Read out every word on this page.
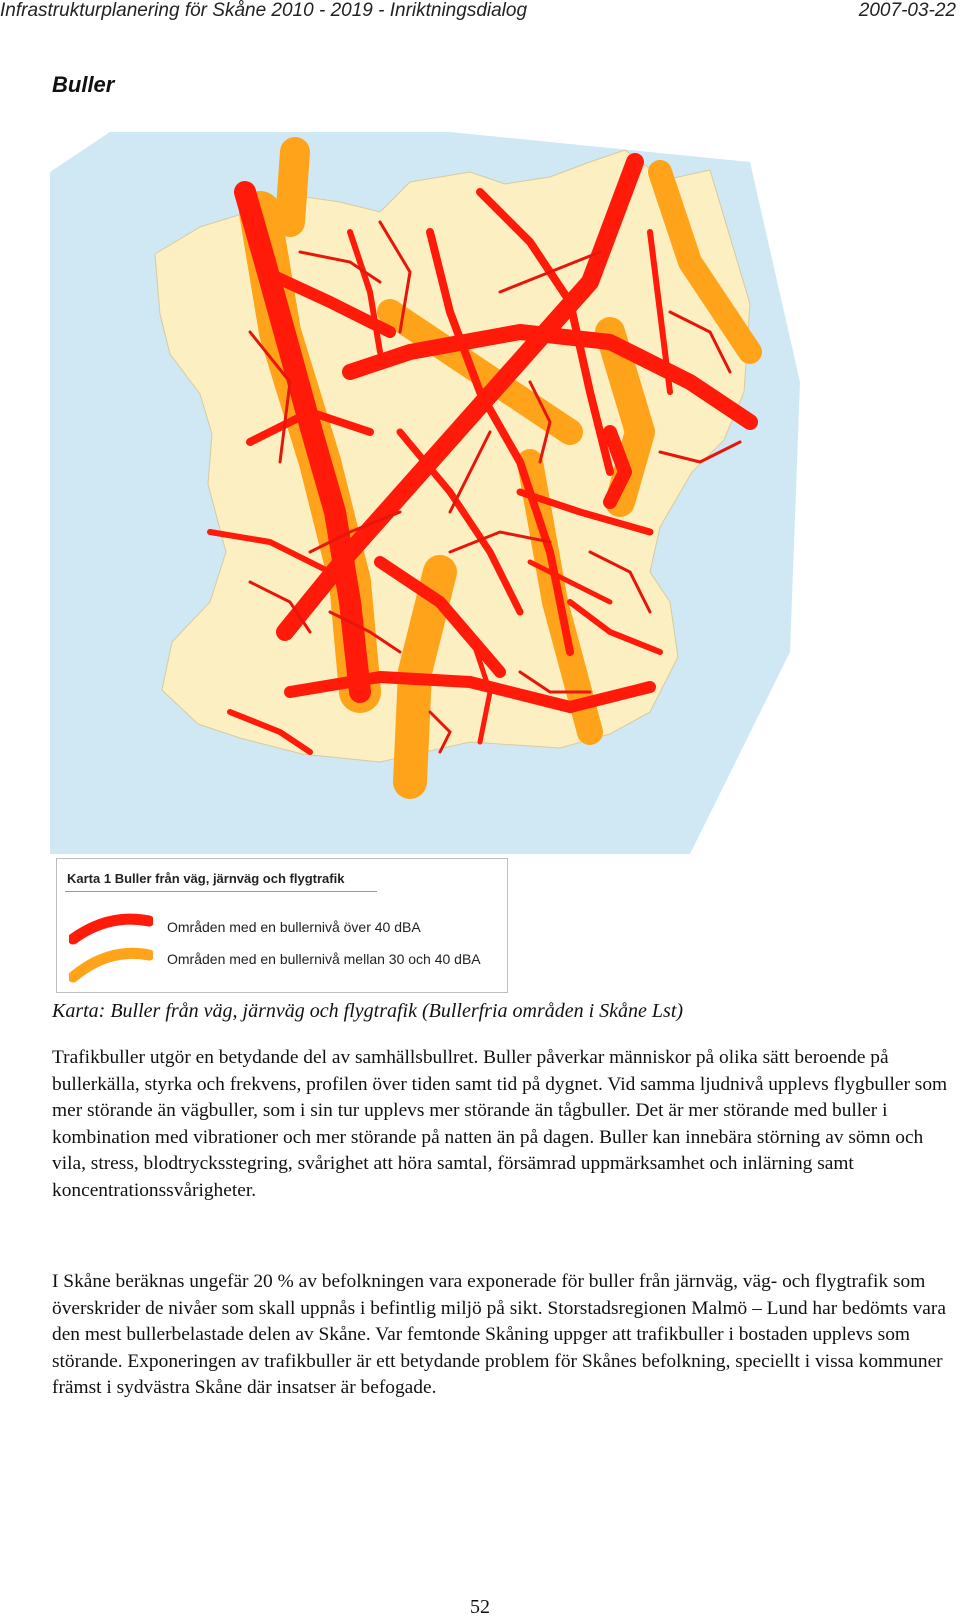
Infrastrukturplanering för Skåne 2010 - 2019 - Inriktningsdialog	2007-03-22
Buller
Karta 1 Buller från väg, järnväg och flygtrafik
Områden med en bullernivå över 40 dBA
Områden med en bullernivå mellan 30 och 40 dBA
Karta: Buller från väg, järnväg och flygtrafik (Bullerfria områden i Skåne Lst)

Trafikbuller utgör en betydande del av samhällsbullret. Buller påverkar människor på olika sätt beroende på bullerkälla, styrka och frekvens, profilen över tiden samt tid på dygnet. Vid samma ljudnivå upplevs flygbuller som mer störande än vägbuller, som i sin tur upplevs mer störande än tågbuller. Det är mer störande med buller i kombination med vibrationer och mer störande på natten än på dagen. Buller kan innebära störning av sömn och vila, stress, blodtrycksstegring, svårighet att höra samtal, försämrad uppmärksamhet och inlärning samt koncentrationssvårigheter.

I Skåne beräknas ungefär 20 % av befolkningen vara exponerade för buller från järnväg, väg- och flygtrafik som överskrider de nivåer som skall uppnås i befintlig miljö på sikt. Storstadsregionen Malmö – Lund har bedömts vara den mest bullerbelastade delen av Skåne. Var femtonde Skåning uppger att trafikbuller i bostaden upplevs som störande. Exponeringen av trafikbuller är ett betydande problem för Skånes befolkning, speciellt i vissa kommuner främst i sydvästra Skåne där insatser är befogade.

52
